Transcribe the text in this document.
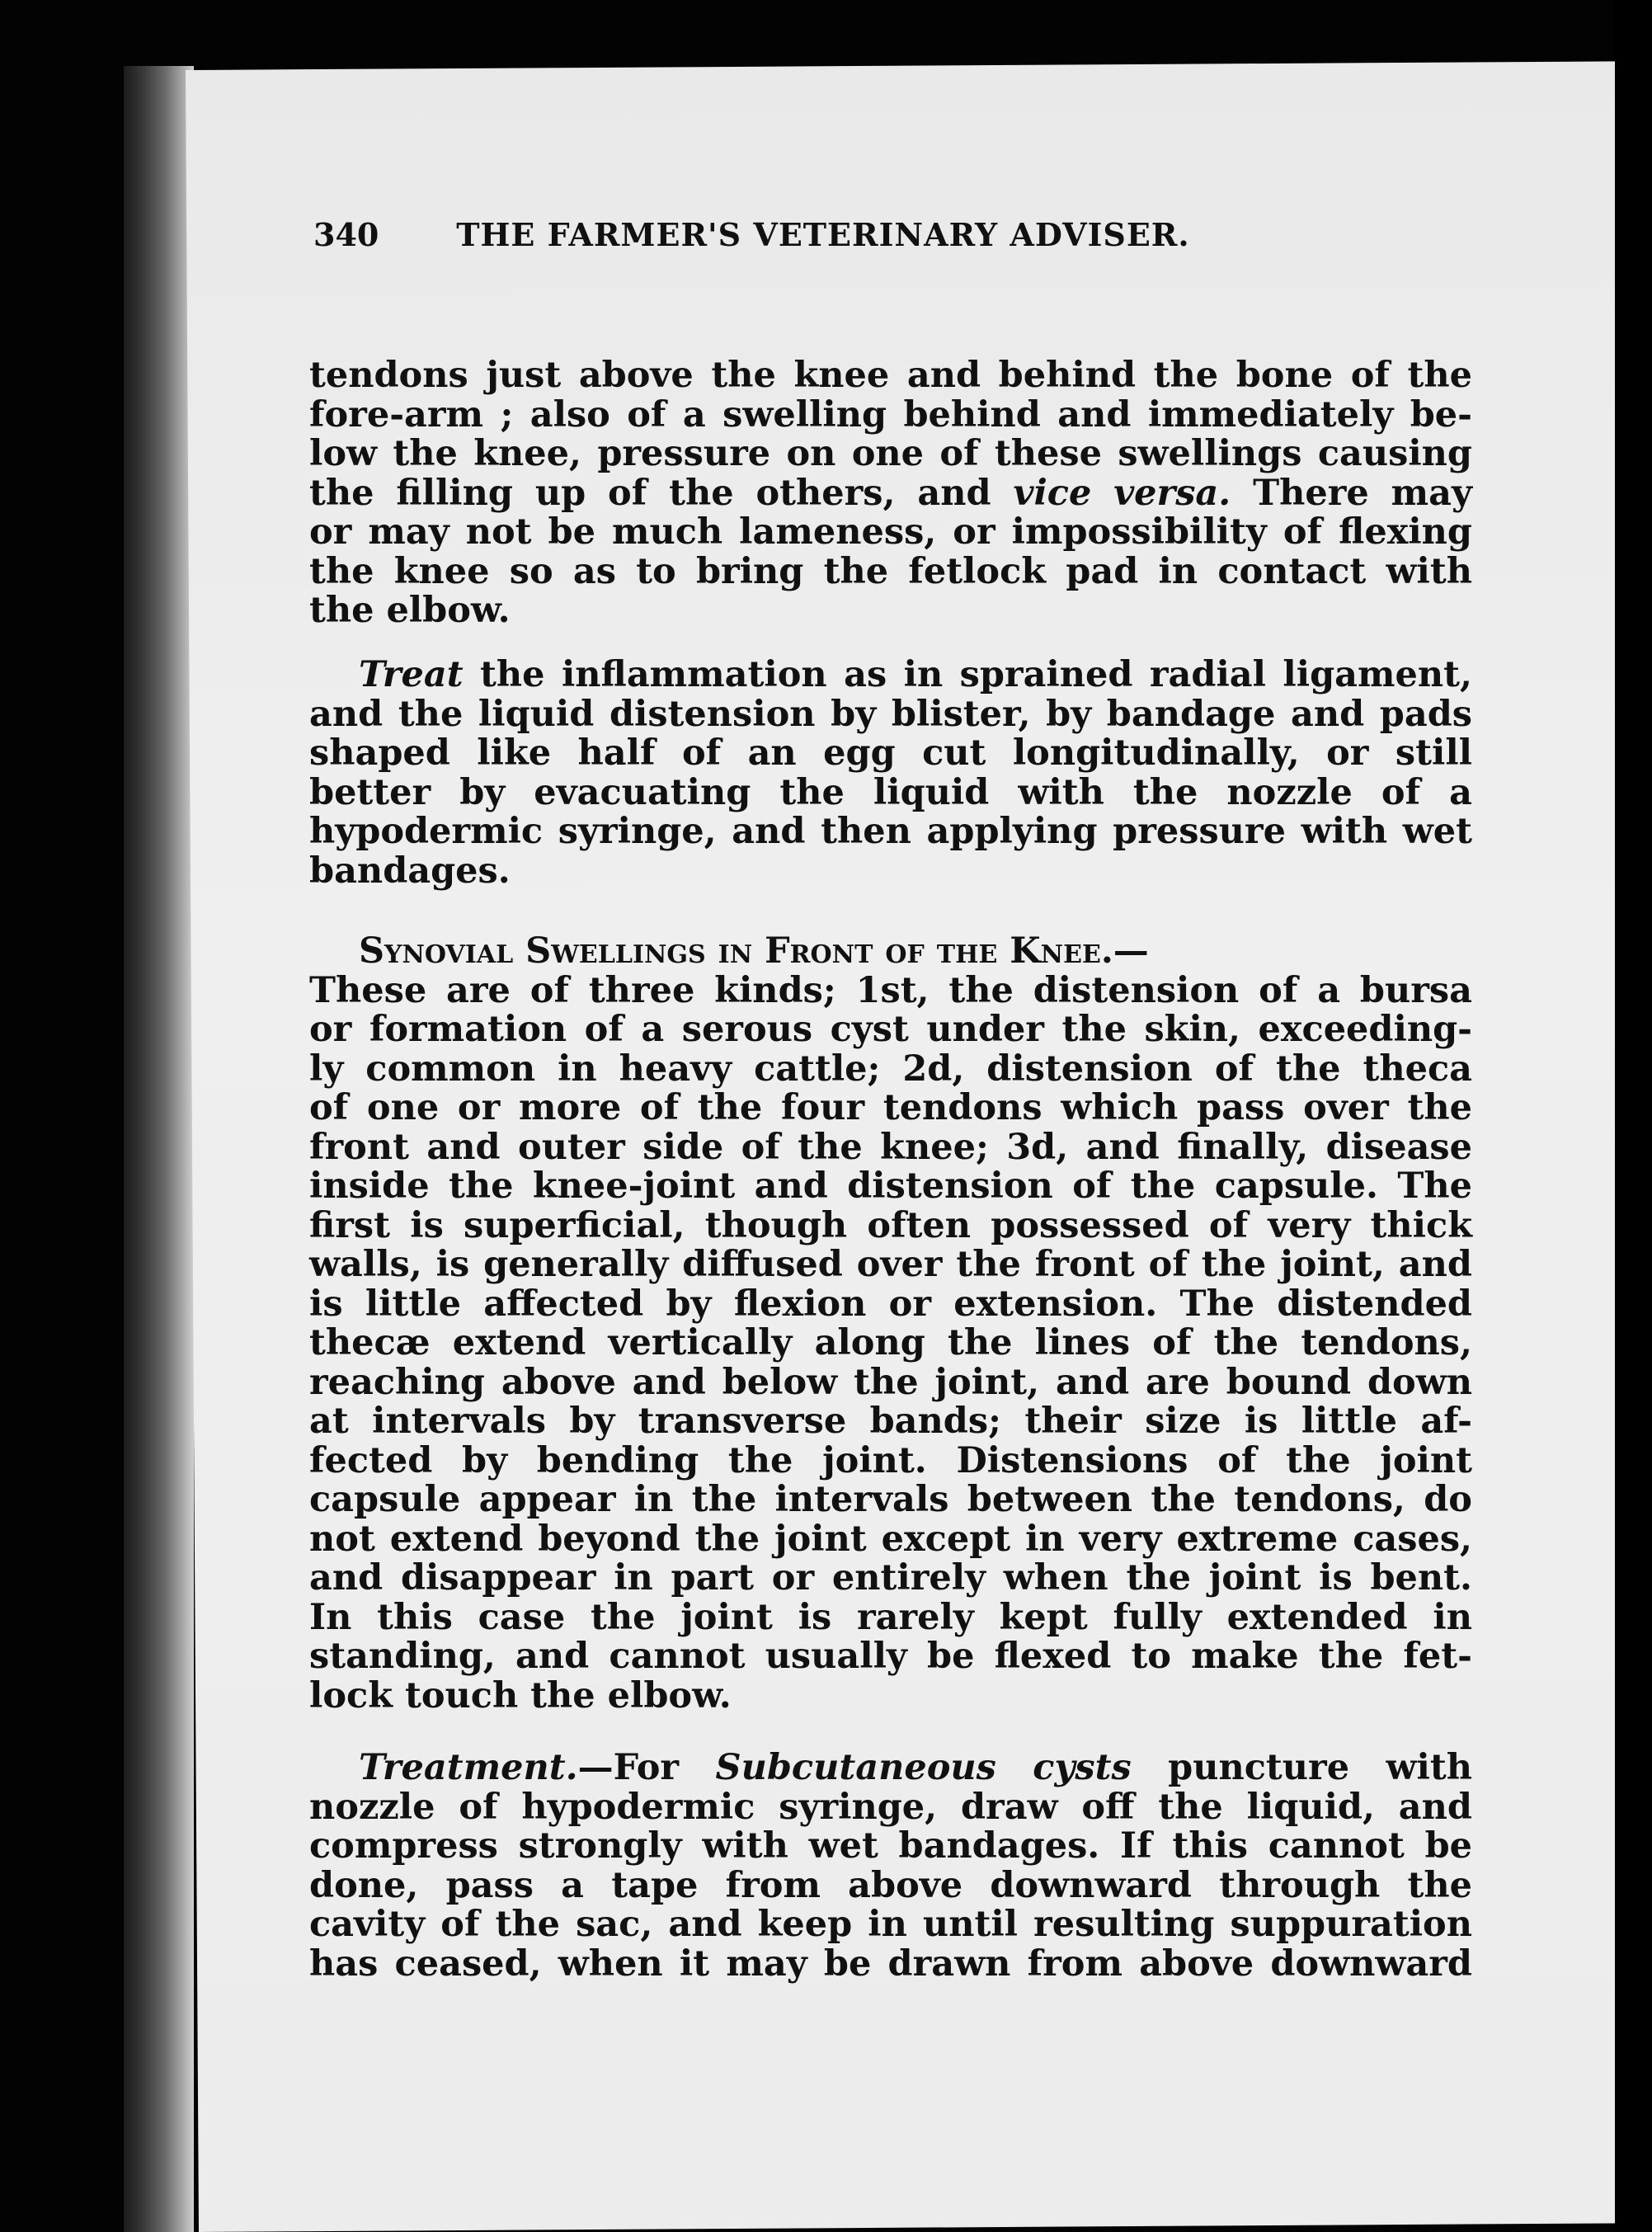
340 THE FARMER'S VETERINARY ADVISER.
tendons just above the knee and behind the bone of the
fore-arm ; also of a swelling behind and immediately be-
low the knee, pressure on one of these swellings causing
the filling up of the others, and vice versa. There may
or may not be much lameness, or impossibility of flexing
the knee so as to bring the fetlock pad in contact with
the elbow.
Treat the inflammation as in sprained radial ligament,
and the liquid distension by blister, by bandage and pads
shaped like half of an egg cut longitudinally, or still
better by evacuating the liquid with the nozzle of a
hypodermic syringe, and then applying pressure with wet
bandages.
Synovial Swellings in Front of the Knee.—
These are of three kinds; 1st, the distension of a bursa
or formation of a serous cyst under the skin, exceeding-
ly common in heavy cattle; 2d, distension of the theca
of one or more of the four tendons which pass over the
front and outer side of the knee; 3d, and finally, disease
inside the knee-joint and distension of the capsule. The
first is superficial, though often possessed of very thick
walls, is generally diffused over the front of the joint, and
is little affected by flexion or extension. The distended
thecæ extend vertically along the lines of the tendons,
reaching above and below the joint, and are bound down
at intervals by transverse bands; their size is little af-
fected by bending the joint. Distensions of the joint
capsule appear in the intervals between the tendons, do
not extend beyond the joint except in very extreme cases,
and disappear in part or entirely when the joint is bent.
In this case the joint is rarely kept fully extended in
standing, and cannot usually be flexed to make the fet-
lock touch the elbow.
Treatment.—For Subcutaneous cysts puncture with
nozzle of hypodermic syringe, draw off the liquid, and
compress strongly with wet bandages. If this cannot be
done, pass a tape from above downward through the
cavity of the sac, and keep in until resulting suppuration
has ceased, when it may be drawn from above downward
